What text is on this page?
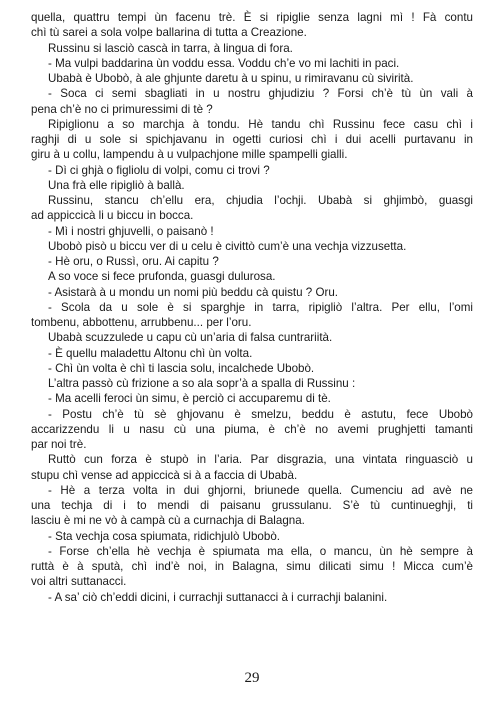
quella, quattru tempi ùn facenu trè. È si ripiglie senza lagni mì ! Fà contu
chì tù sarei a sola volpe ballarina di tutta a Creazione.
Russinu si lasciò cascà in tarra, à lingua di fora.
- Ma vulpi baddarina ùn voddu essa. Voddu ch’e vo mi lachiti in paci.
Ubabà è Ubobò, à ale ghjunte daretu à u spinu, u rimiravanu cù sivirità.
- Soca ci semi sbagliati in u nostru ghjudiziu ? Forsi ch’è tù ùn vali à
pena ch’è no ci primuressimi di tè ?
Ripiglionu a so marchja à tondu. Hè tandu chì Russinu fece casu chì i
raghji di u sole si spichjavanu in ogetti curiosi chì i dui acelli purtavanu in
giru à u collu, lampendu à u vulpachjone mille spampelli gialli.
- Dì ci ghjà o figliolu di volpi, comu ci trovi ?
Una frà elle ripigliò à ballà.
Russinu, stancu ch’ellu era, chjudia l’ochji. Ubabà si ghjimbò, guasgi
ad appiccicà li u biccu in bocca.
- Mì i nostri ghjuvelli, o paisanò !
Ubobò pisò u biccu ver di u celu è civittò cum’è una vechja vizzusetta.
- Hè oru, o Russì, oru. Ai capitu ?
A so voce si fece prufonda, guasgi dulurosa.
- Asistarà à u mondu un nomi più beddu cà quistu ? Oru.
- Scola da u sole è si sparghje in tarra, ripigliò l’altra. Per ellu, l’omi
tombenu, abbottenu, arrubbenu... per l’oru.
Ubabà scuzzulede u capu cù un’aria di falsa cuntrariità.
- È quellu maladettu Altonu chì ùn volta.
- Chì ùn volta è chì ti lascia solu, incalchede Ubobò.
L’altra passò cù frizione a so ala sopr’à a spalla di Russinu :
- Ma acelli feroci ùn simu, è perciò ci accuparemu di tè.
- Postu ch’è tù sè ghjovanu è smelzu, beddu è astutu, fece Ubobò
accarizzendu li u nasu cù una piuma, è ch’è no avemi prughjetti tamanti
par noi trè.
Ruttò cun forza è stupò in l’aria. Par disgrazia, una vintata ringuasciò u
stupu chì vense ad appiccicà si à a faccia di Ubabà.
- Hè a terza volta in dui ghjorni, briunede quella. Cumenciu ad avè ne
una techja di i to mendi di paisanu grussulanu. S’è tù cuntinueghji, ti
lasciu è mi ne vò à campà cù a curnachja di Balagna.
- Sta vechja cosa spiumata, ridichjulò Ubobò.
- Forse ch’ella hè vechja è spiumata ma ella, o mancu, ùn hè sempre à
ruttà è à sputà, chì ind’è noi, in Balagna, simu dilicati simu ! Micca cum’è
voi altri suttanacci.
- A sa’ ciò ch’eddi dicini, i currachji suttanacci à i currachji balanini.
29
